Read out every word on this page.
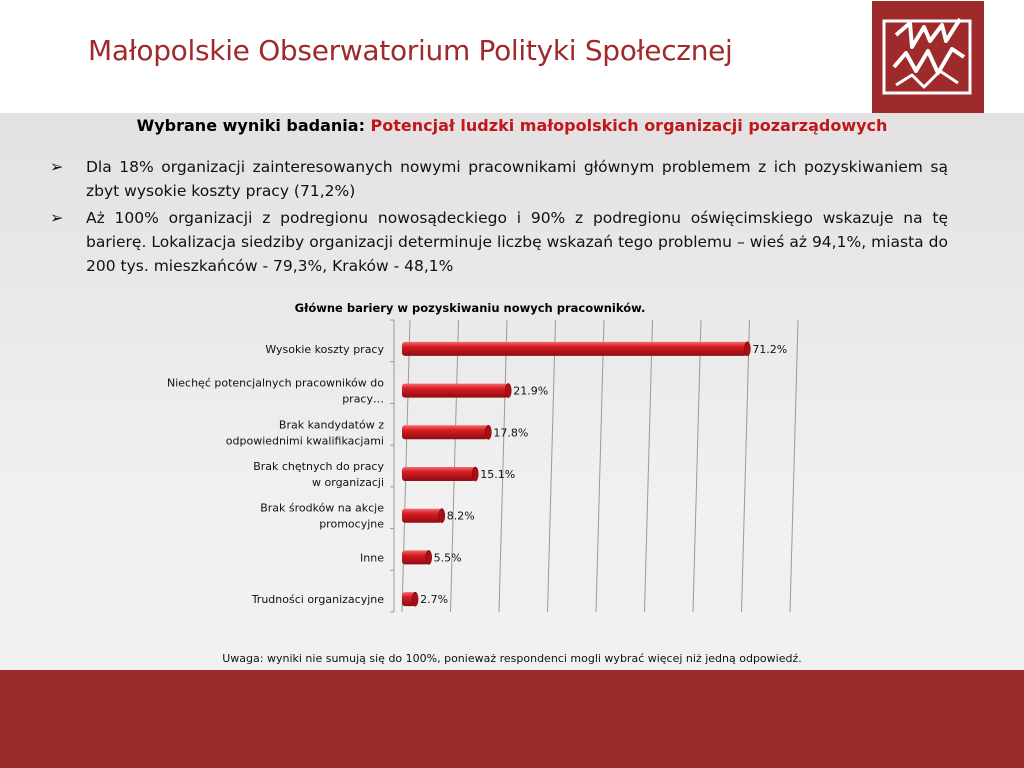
Małopolskie Obserwatorium Polityki Społecznej
Wybrane wyniki badania: Potencjał ludzki małopolskich organizacji pozarządowych
➢ Dla 18% organizacji zainteresowanych nowymi pracownikami głównym problemem z ich pozyskiwaniem są zbyt wysokie koszty pracy (71,2%)
➢ Aż 100% organizacji z podregionu nowosądeckiego i 90% z podregionu oświęcimskiego wskazuje na tę barierę. Lokalizacja siedziby organizacji determinuje liczbę wskazań tego problemu – wieś aż 94,1%, miasta do 200 tys. mieszkańców - 79,3%, Kraków - 48,1%
Główne bariery w pozyskiwaniu nowych pracowników.
71.2%
Wysokie koszty pracy
21.9%
Niechęć potencjalnych pracowników do
pracy…
17.8%
Brak kandydatów z
odpowiednimi kwalifikacjami
15.1%
Brak chętnych do pracy
w organizacji
8.2%
Brak środków na akcje
promocyjne
5.5%
Inne
2.7%
Trudności organizacyjne
Uwaga: wyniki nie sumują się do 100%, ponieważ respondenci mogli wybrać więcej niż jedną odpowiedź.
